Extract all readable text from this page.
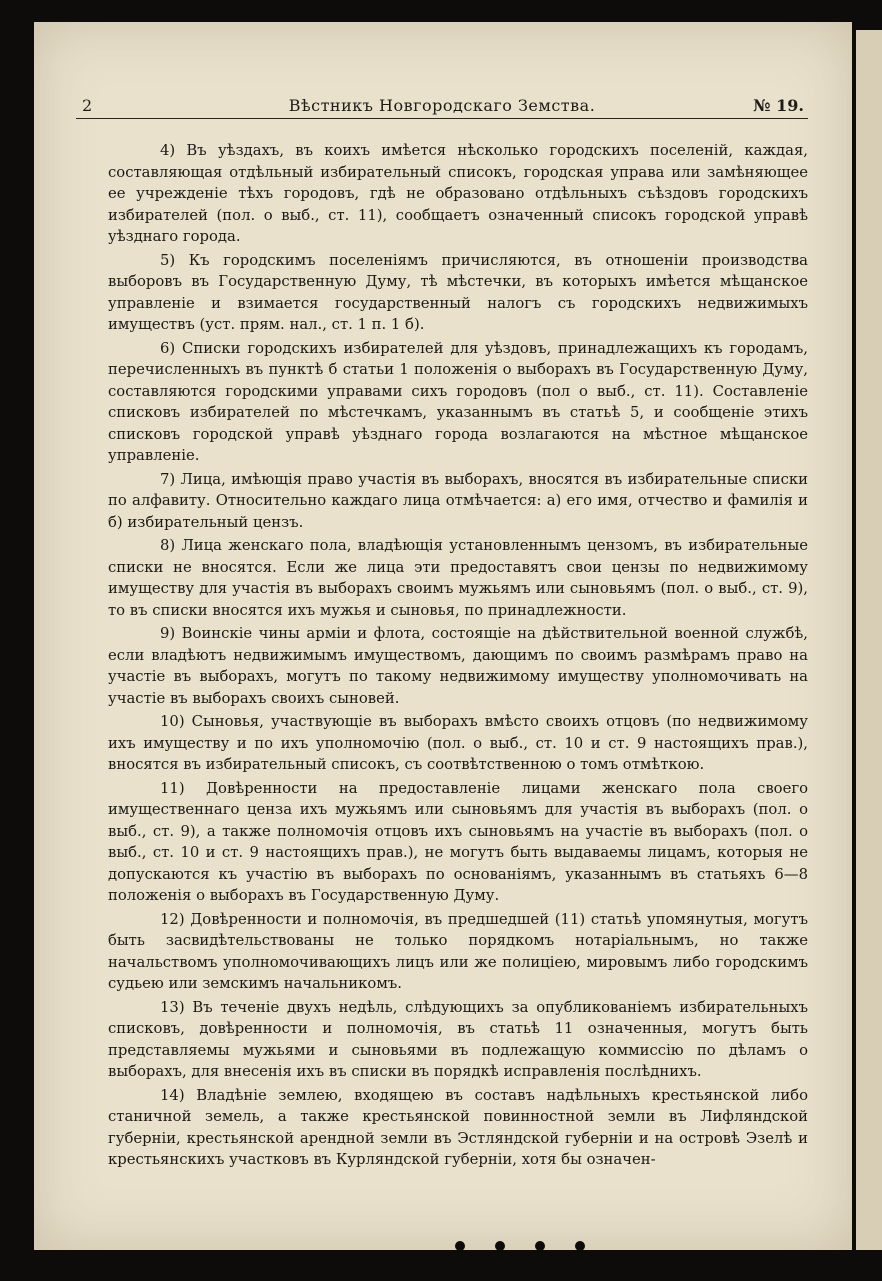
2	Вѣстникъ Новгородскаго Земства.	№ 19.

4) Въ уѣздахъ, въ коихъ имѣется нѣсколько городскихъ поселеній, каждая, составляющая отдѣльный избирательный списокъ, городская управа или замѣняющее ее учрежденіе тѣхъ городовъ, гдѣ не образовано отдѣльныхъ съѣздовъ городскихъ избирателей (пол. о выб., ст. 11), сообщаетъ означенный списокъ городской управѣ уѣзднаго города.

5) Къ городскимъ поселеніямъ причисляются, въ отношеніи производства выборовъ въ Государственную Думу, тѣ мѣстечки, въ которыхъ имѣется мѣщанское управленіе и взимается государственный налогъ съ городскихъ недвижимыхъ имуществъ (уст. прям. нал., ст. 1 п. 1 б).

6) Списки городскихъ избирателей для уѣздовъ, принадлежащихъ къ городамъ, перечисленныхъ въ пунктѣ б статьи 1 положенія о выборахъ въ Государственную Думу, составляются городскими управами сихъ городовъ (пол о выб., ст. 11). Составленіе списковъ избирателей по мѣстечкамъ, указаннымъ въ статьѣ 5, и сообщеніе этихъ списковъ городской управѣ уѣзднаго города возлагаются на мѣстное мѣщанское управленіе.

7) Лица, имѣющія право участія въ выборахъ, вносятся въ избирательные списки по алфавиту. Относительно каждаго лица отмѣчается: а) его имя, отчество и фамилія и б) избирательный цензъ.

8) Лица женскаго пола, владѣющія установленнымъ цензомъ, въ избирательные списки не вносятся. Если же лица эти предоставятъ свои цензы по недвижимому имуществу для участія въ выборахъ своимъ мужьямъ или сыновьямъ (пол. о выб., ст. 9), то въ списки вносятся ихъ мужья и сыновья, по принадлежности.

9) Воинскіе чины арміи и флота, состоящіе на дѣйствительной военной службѣ, если владѣютъ недвижимымъ имуществомъ, дающимъ по своимъ размѣрамъ право на участіе въ выборахъ, могутъ по такому недвижимому имуществу уполномочивать на участіе въ выборахъ своихъ сыновей.

10) Сыновья, участвующіе въ выборахъ вмѣсто своихъ отцовъ (по недвижимому ихъ имуществу и по ихъ уполномочію (пол. о выб., ст. 10 и ст. 9 настоящихъ прав.), вносятся въ избирательный списокъ, съ соотвѣтственною о томъ отмѣткою.

11) Довѣренности на предоставленіе лицами женскаго пола своего имущественнаго ценза ихъ мужьямъ или сыновьямъ для участія въ выборахъ (пол. о выб., ст. 9), а также полномочія отцовъ ихъ сыновьямъ на участіе въ выборахъ (пол. о выб., ст. 10 и ст. 9 настоящихъ прав.), не могутъ быть выдаваемы лицамъ, которыя не допускаются къ участію въ выборахъ по основаніямъ, указаннымъ въ статьяхъ 6—8 положенія о выборахъ въ Государственную Думу.

12) Довѣренности и полномочія, въ предшедшей (11) статьѣ упомянутыя, могутъ быть засвидѣтельствованы не только порядкомъ нотаріальнымъ, но также начальствомъ уполномочивающихъ лицъ или же полиціею, мировымъ либо городскимъ судьею или земскимъ начальникомъ.

13) Въ теченіе двухъ недѣль, слѣдующихъ за опубликованіемъ избирательныхъ списковъ, довѣренности и полномочія, въ статьѣ 11 означенныя, могутъ быть представляемы мужьями и сыновьями въ подлежащую коммиссію по дѣламъ о выборахъ, для внесенія ихъ въ списки въ порядкѣ исправленія послѣднихъ.

14) Владѣніе землею, входящею въ составъ надѣльныхъ крестьянской либо станичной земель, а также крестьянской повинностной земли въ Лифляндской губерніи, крестьянской арендной земли въ Эстляндской губерніи и на островѣ Эзелѣ и крестьянскихъ участковъ въ Курляндской губерніи, хотя бы означен-
